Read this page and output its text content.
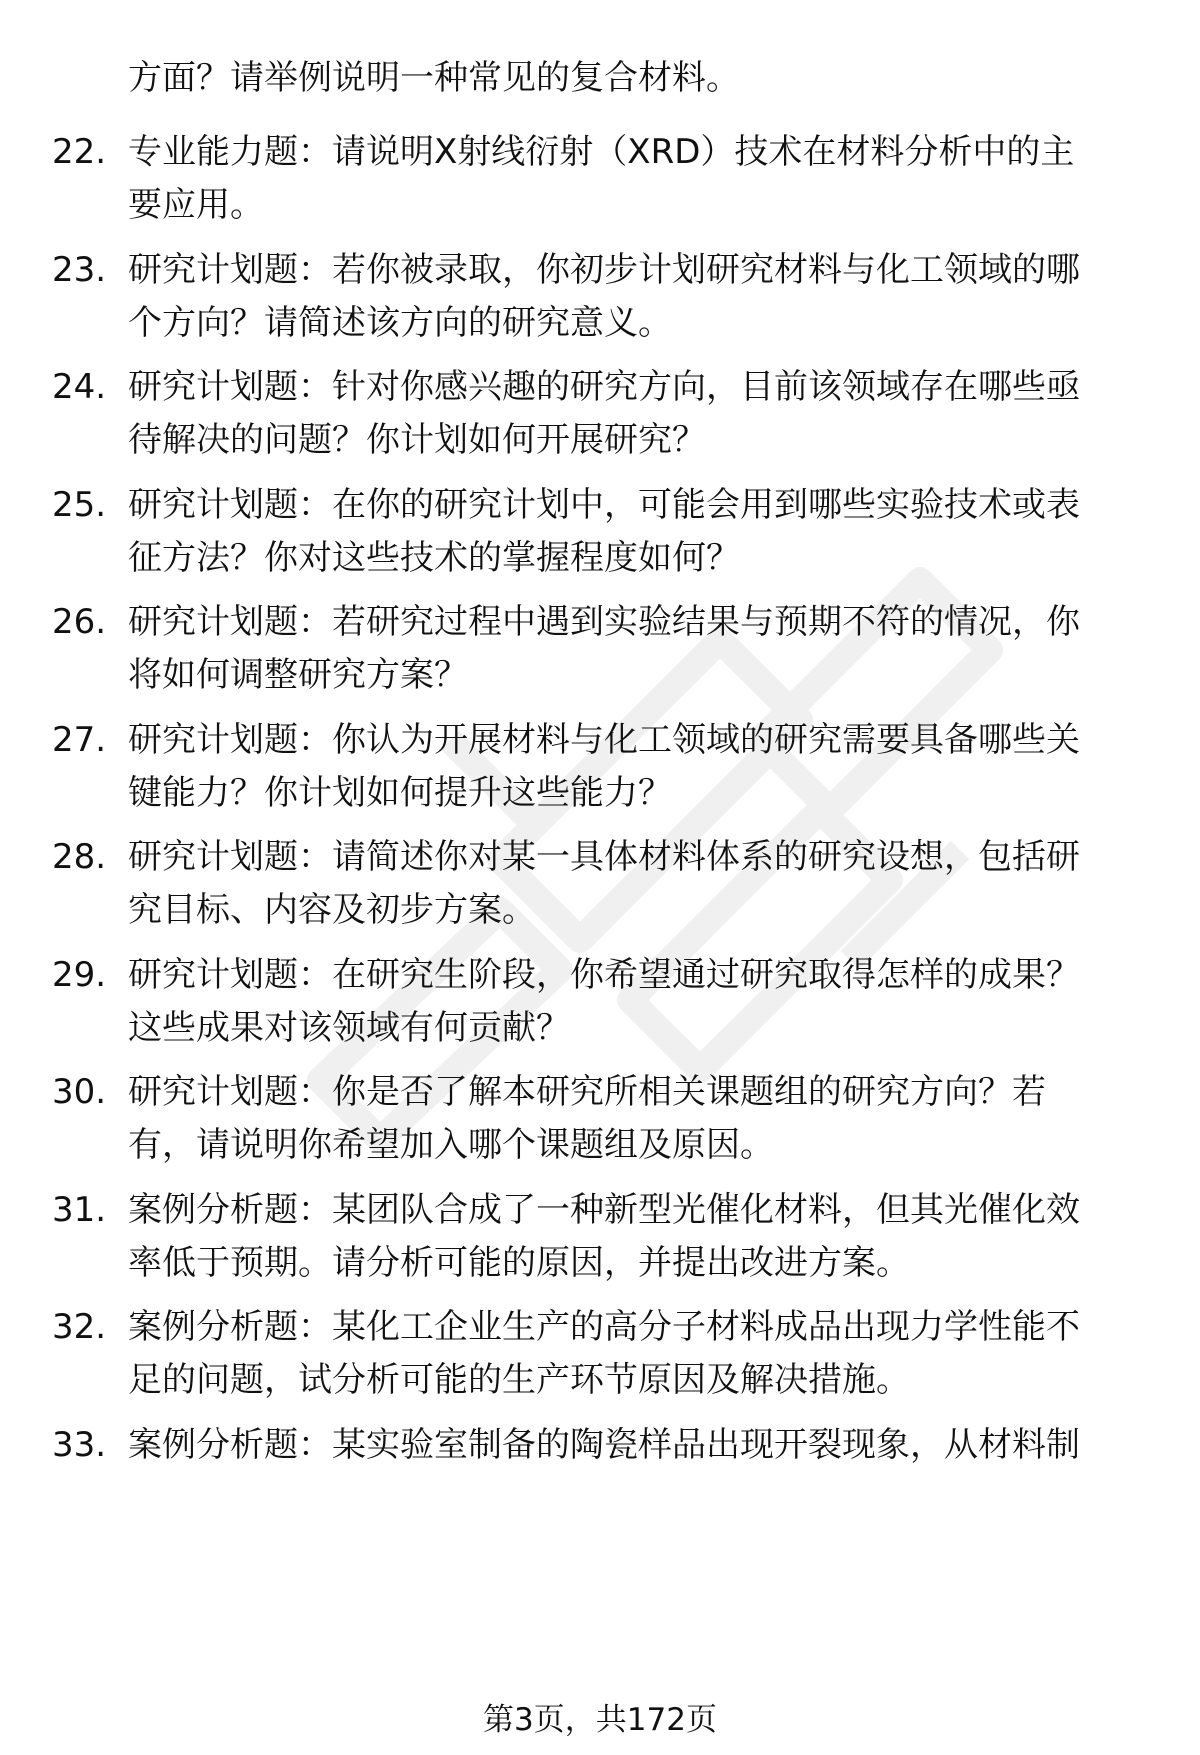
方面？请举例说明一种常见的复合材料。
22. 专业能力题：请说明X射线衍射（XRD）技术在材料分析中的主
要应用。
23. 研究计划题：若你被录取，你初步计划研究材料与化工领域的哪
个方向？请简述该方向的研究意义。
24. 研究计划题：针对你感兴趣的研究方向，目前该领域存在哪些亟
待解决的问题？你计划如何开展研究？
25. 研究计划题：在你的研究计划中，可能会用到哪些实验技术或表
征方法？你对这些技术的掌握程度如何？
26. 研究计划题：若研究过程中遇到实验结果与预期不符的情况，你
将如何调整研究方案？
27. 研究计划题：你认为开展材料与化工领域的研究需要具备哪些关
键能力？你计划如何提升这些能力？
28. 研究计划题：请简述你对某一具体材料体系的研究设想，包括研
究目标、内容及初步方案。
29. 研究计划题：在研究生阶段，你希望通过研究取得怎样的成果？
这些成果对该领域有何贡献？
30. 研究计划题：你是否了解本研究所相关课题组的研究方向？若
有，请说明你希望加入哪个课题组及原因。
31. 案例分析题：某团队合成了一种新型光催化材料，但其光催化效
率低于预期。请分析可能的原因，并提出改进方案。
32. 案例分析题：某化工企业生产的高分子材料成品出现力学性能不
足的问题，试分析可能的生产环节原因及解决措施。
33. 案例分析题：某实验室制备的陶瓷样品出现开裂现象，从材料制
第3页，共172页
